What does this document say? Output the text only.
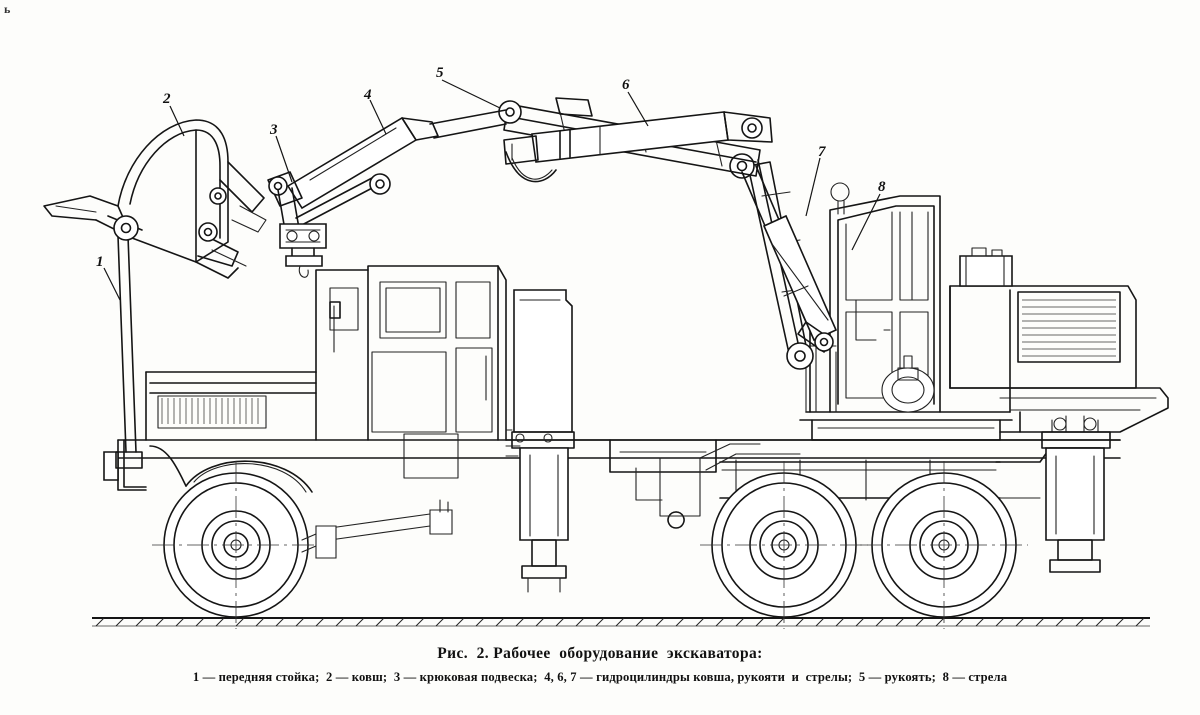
ь
1
2
3
4
5
6
7
8
Рис.  2. Рабочее  оборудование  экскаватора:
1 — передняя стойка;  2 — ковш;  3 — крюковая подвеска;  4, 6, 7 — гидроцилиндры ковша, рукояти  и  стрелы;  5 — рукоять;  8 — стрела
